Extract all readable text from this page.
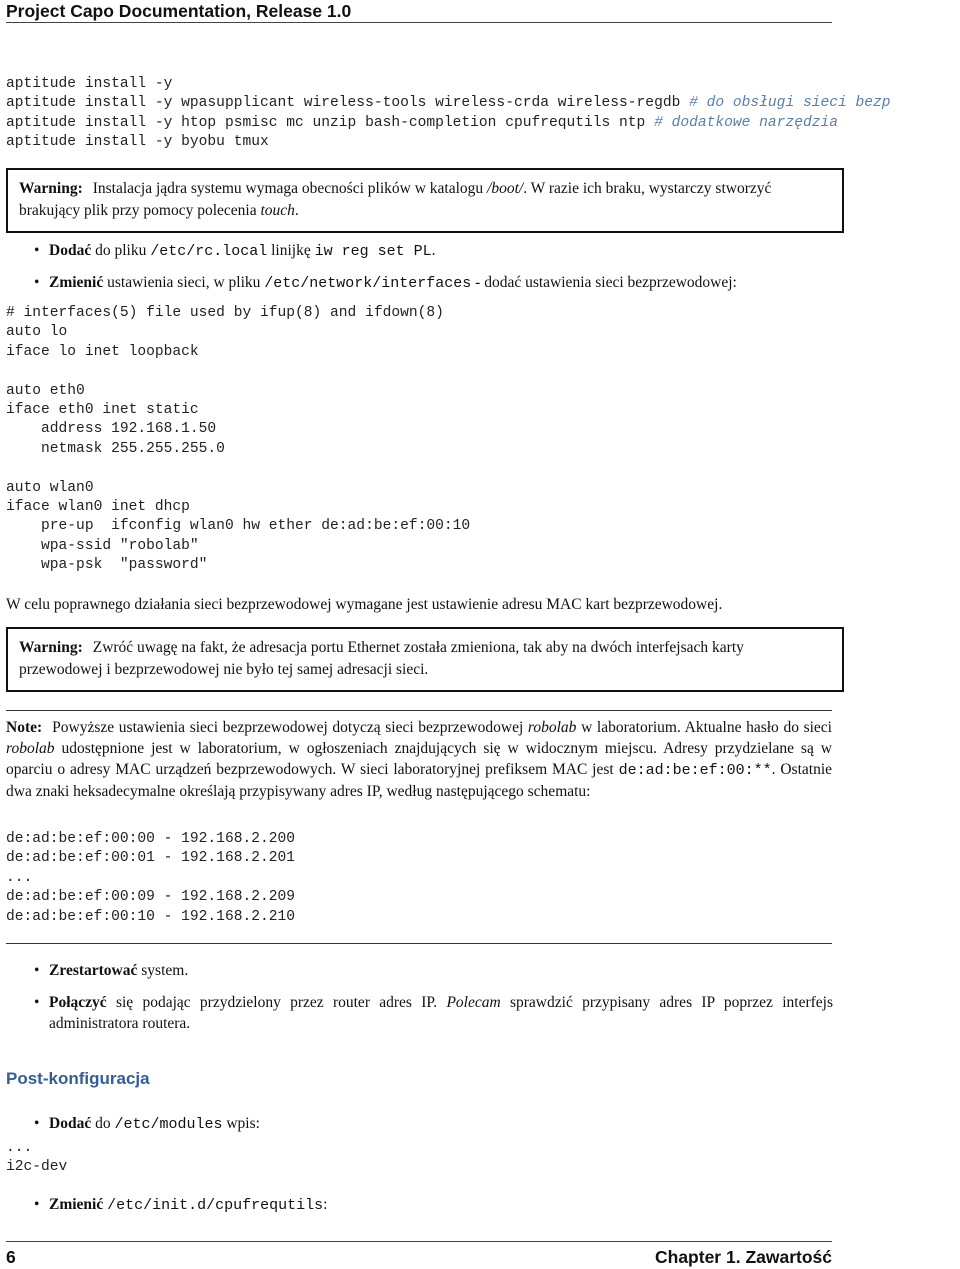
Project Capo Documentation, Release 1.0
aptitude install -y
aptitude install -y wpasupplicant wireless-tools wireless-crda wireless-regdb # do obsługi sieci bezp
aptitude install -y htop psmisc mc unzip bash-completion cpufrequtils ntp # dodatkowe narzędzia
aptitude install -y byobu tmux
Warning: Instalacja jądra systemu wymaga obecności plików w katalogu /boot/. W razie ich braku, wystarczy stworzyć brakujący plik przy pomocy polecenia touch.
• Dodać do pliku /etc/rc.local linijkę iw reg set PL.
• Zmienić ustawienia sieci, w pliku /etc/network/interfaces - dodać ustawienia sieci bezprzewodowej:
# interfaces(5) file used by ifup(8) and ifdown(8)
auto lo
iface lo inet loopback

auto eth0
iface eth0 inet static
address 192.168.1.50
netmask 255.255.255.0

auto wlan0
iface wlan0 inet dhcp
pre-up  ifconfig wlan0 hw ether de:ad:be:ef:00:10
wpa-ssid "robolab"
wpa-psk  "password"
W celu poprawnego działania sieci bezprzewodowej wymagane jest ustawienie adresu MAC kart bezprzewodowej.
Warning: Zwróć uwagę na fakt, że adresacja portu Ethernet została zmieniona, tak aby na dwóch interfejsach karty przewodowej i bezprzewodowej nie było tej samej adresacji sieci.
Note: Powyższe ustawienia sieci bezprzewodowej dotyczą sieci bezprzewodowej robolab w laboratorium. Aktualne hasło do sieci robolab udostępnione jest w laboratorium, w ogłoszeniach znajdujących się w widocznym miejscu. Adresy przydzielane są w oparciu o adresy MAC urządzeń bezprzewodowych. W sieci laboratoryjnej prefiksem MAC jest de:ad:be:ef:00:**. Ostatnie dwa znaki heksadecymalne określają przypisywany adres IP, według następującego schematu:
de:ad:be:ef:00:00 - 192.168.2.200
de:ad:be:ef:00:01 - 192.168.2.201
...
de:ad:be:ef:00:09 - 192.168.2.209
de:ad:be:ef:00:10 - 192.168.2.210
• Zrestartować system.
• Połączyć się podając przydzielony przez router adres IP. Polecam sprawdzić przypisany adres IP poprzez interfejs administratora routera.
Post-konfiguracja
• Dodać do /etc/modules wpis:
...
i2c-dev
• Zmienić /etc/init.d/cpufrequtils:
6	Chapter 1. Zawartość
